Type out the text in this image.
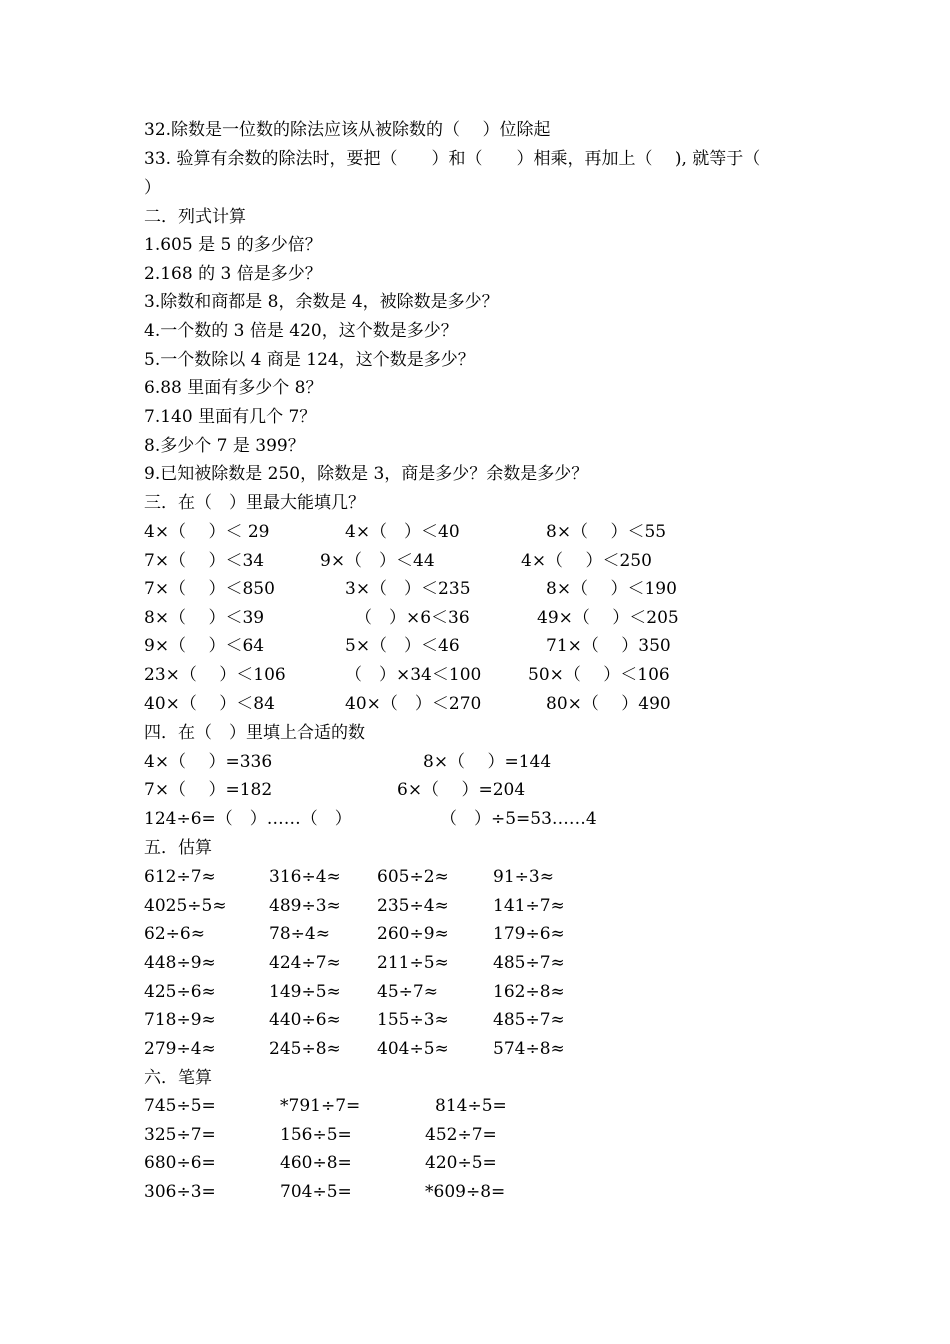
32.除数是一位数的除法应该从被除数的（　 ）位除起
33. 验算有余数的除法时，要把（　　）和（　　）相乘，再加上（　 ), 就等于（
）
二．列式计算
1.605 是 5 的多少倍？
2.168 的 3 倍是多少？
3.除数和商都是 8，余数是 4，被除数是多少？
4.一个数的 3 倍是 420，这个数是多少？
5.一个数除以 4 商是 124，这个数是多少？
6.88 里面有多少个 8？
7.140 里面有几个 7？
8.多少个 7 是 399？
9.已知被除数是 250，除数是 3，商是多少？余数是多少？
三．在（　）里最大能填几？
4×（　 ）＜ 29	4×（　）＜40	8×（　 ）＜55
7×（　 ）＜34	9×（　）＜44	4×（　 ）＜250
7×（　 ）＜850	3×（　）＜235	8×（　 ）＜190
8×（　 ）＜39	（　）×6＜36	49×（　 ）＜205
9×（　 ）＜64	5×（　）＜46	71×（　 ）350
23×（　 ）＜106	（　）×34＜100	50×（　 ）＜106
40×（　 ）＜84	40×（　）＜270	80×（　 ）490
四．在（　）里填上合适的数
4×（　 ）=336	8×（　 ）=144
7×（　 ）=182	6×（　 ）=204
124÷6=（　）……（　）	（　）÷5=53……4
五．估算
612÷7≈	316÷4≈ 605÷2≈	91÷3≈
4025÷5≈ 489÷3≈ 235÷4≈	141÷7≈
62÷6≈	78÷4≈	260÷9≈	179÷6≈
448÷9≈	424÷7≈ 211÷5≈	485÷7≈
425÷6≈	149÷5≈ 45÷7≈	162÷8≈
718÷9≈	440÷6≈ 155÷3≈	485÷7≈
279÷4≈	245÷8≈ 404÷5≈	574÷8≈
六．笔算
745÷5=	*791÷7=	814÷5=
325÷7=	156÷5=	452÷7=
680÷6=	460÷8=	420÷5=
306÷3=	704÷5=	*609÷8=
